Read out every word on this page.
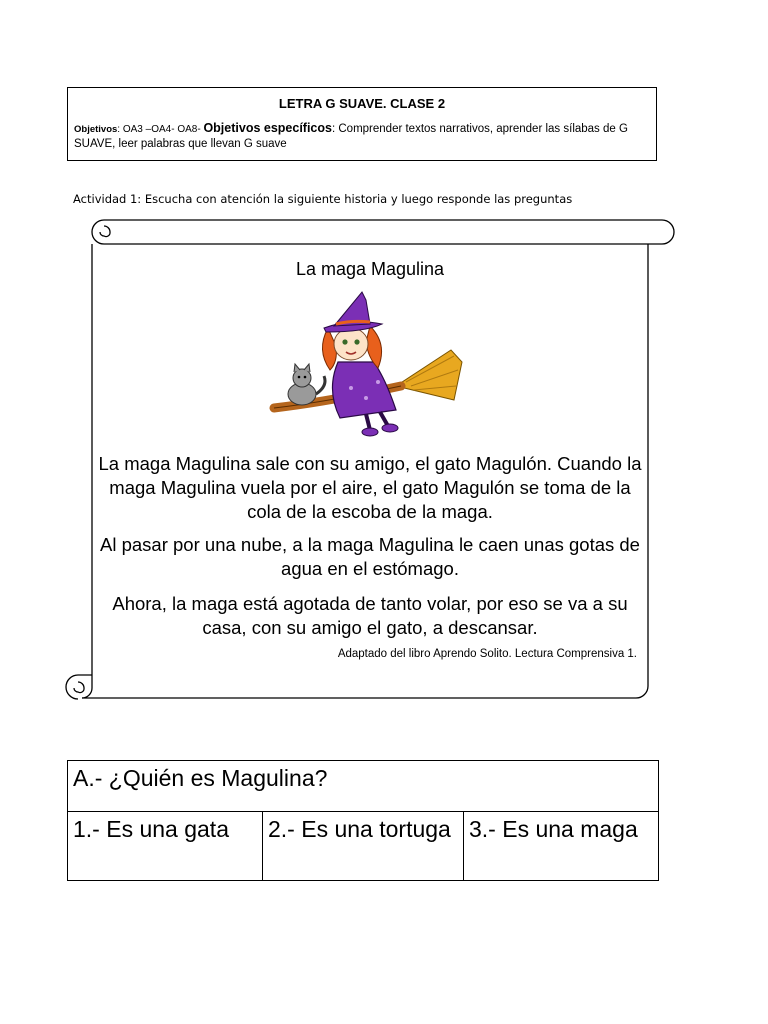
LETRA G SUAVE. CLASE 2
Objetivos: OA3 –OA4- OA8- Objetivos específicos: Comprender textos narrativos, aprender las sílabas de G SUAVE, leer palabras que llevan G suave
Actividad 1: Escucha con atención la siguiente historia y luego responde las preguntas
La maga Magulina
La maga Magulina sale con su amigo, el gato Magulón. Cuando la maga Magulina vuela por el aire, el gato Magulón se toma de la cola de la escoba de la maga.
Al pasar por una nube, a la maga Magulina le caen unas gotas de agua en el estómago.
Ahora, la maga está agotada de tanto volar, por eso se va a su casa, con su amigo el gato, a descansar.
Adaptado del libro Aprendo Solito. Lectura Comprensiva 1.
A.- ¿Quién es Magulina?
1.- Es una gata	2.- Es una tortuga	3.- Es una maga
